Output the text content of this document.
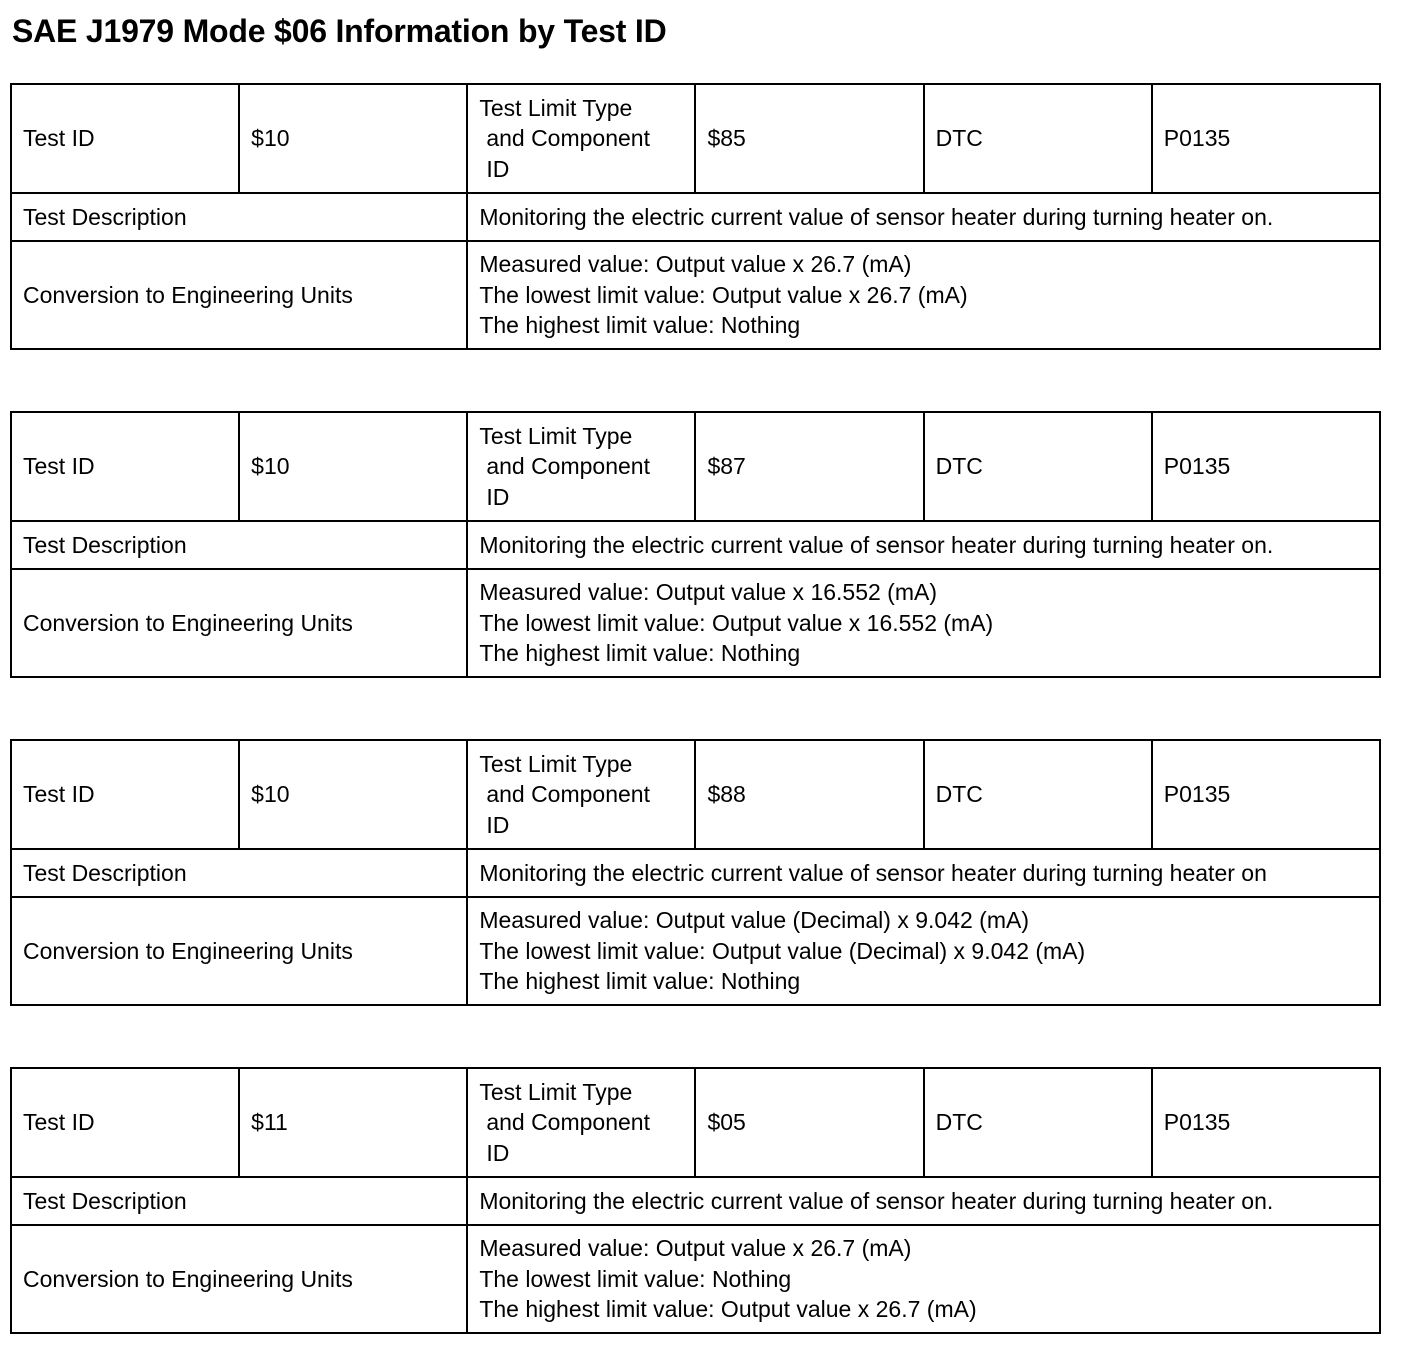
SAE J1979 Mode $06 Information by Test ID
Test ID	$10	Test Limit Type
and Component
ID	$85	DTC	P0135
Test Description		Monitoring the electric current value of sensor heater during turning heater on.			
Conversion to Engineering Units		Measured value: Output value x 26.7 (mA)
The lowest limit value: Output value x 26.7 (mA)
The highest limit value: Nothing			
Test ID	$10	Test Limit Type
and Component
ID	$87	DTC	P0135
Test Description		Monitoring the electric current value of sensor heater during turning heater on.			
Conversion to Engineering Units		Measured value: Output value x 16.552 (mA)
The lowest limit value: Output value x 16.552 (mA)
The highest limit value: Nothing			
Test ID	$10	Test Limit Type
and Component
ID	$88	DTC	P0135
Test Description		Monitoring the electric current value of sensor heater during turning heater on			
Conversion to Engineering Units		Measured value: Output value (Decimal) x 9.042 (mA)
The lowest limit value: Output value (Decimal) x 9.042 (mA)
The highest limit value: Nothing			
Test ID	$11	Test Limit Type
and Component
ID	$05	DTC	P0135
Test Description		Monitoring the electric current value of sensor heater during turning heater on.			
Conversion to Engineering Units		Measured value: Output value x 26.7 (mA)
The lowest limit value: Nothing
The highest limit value: Output value x 26.7 (mA)			
